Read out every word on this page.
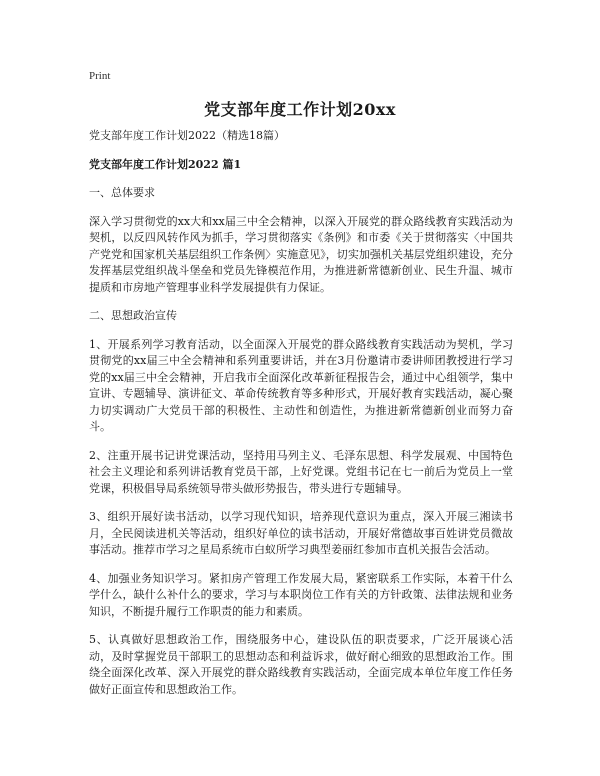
Print
党支部年度工作计划20xx

党支部年度工作计划2022（精选18篇）

党支部年度工作计划2022 篇1

一、总体要求

深入学习贯彻党的xx大和xx届三中全会精神，以深入开展党的群众路线教育实践活动为契机，以反四风转作风为抓手，学习贯彻落实《条例》和市委《关于贯彻落实〈中国共产党党和国家机关基层组织工作条例〉实施意见》，切实加强机关基层党组织建设，充分发挥基层党组织战斗堡垒和党员先锋模范作用，为推进新常德新创业、民生升温、城市提质和市房地产管理事业科学发展提供有力保证。

二、思想政治宣传

1、开展系列学习教育活动，以全面深入开展党的群众路线教育实践活动为契机，学习贯彻党的xx届三中全会精神和系列重要讲话，并在3月份邀请市委讲师团教授进行学习党的xx届三中全会精神，开启我市全面深化改革新征程报告会，通过中心组领学，集中宣讲、专题辅导、演讲征文、革命传统教育等多种形式，开展好教育实践活动，凝心聚力切实调动广大党员干部的积极性、主动性和创造性，为推进新常德新创业而努力奋斗。

2、注重开展书记讲党课活动，坚持用马列主义、毛泽东思想、科学发展观、中国特色社会主义理论和系列讲话教育党员干部，上好党课。党组书记在七一前后为党员上一堂党课，积极倡导局系统领导带头做形势报告，带头进行专题辅导。

3、组织开展好读书活动，以学习现代知识，培养现代意识为重点，深入开展三湘读书月，全民阅读进机关等活动，组织好单位的读书活动，开展好常德故事百姓讲党员微故事活动。推荐市学习之星局系统市白蚁所学习典型姜丽红参加市直机关报告会活动。

4、加强业务知识学习。紧扣房产管理工作发展大局，紧密联系工作实际，本着干什么学什么，缺什么补什么的要求，学习与本职岗位工作有关的方针政策、法律法规和业务知识，不断提升履行工作职责的能力和素质。

5、认真做好思想政治工作，围绕服务中心，建设队伍的职责要求，广泛开展谈心活动，及时掌握党员干部职工的思想动态和利益诉求，做好耐心细致的思想政治工作。围绕全面深化改革、深入开展党的群众路线教育实践活动，全面完成本单位年度工作任务做好正面宣传和思想政治工作。
